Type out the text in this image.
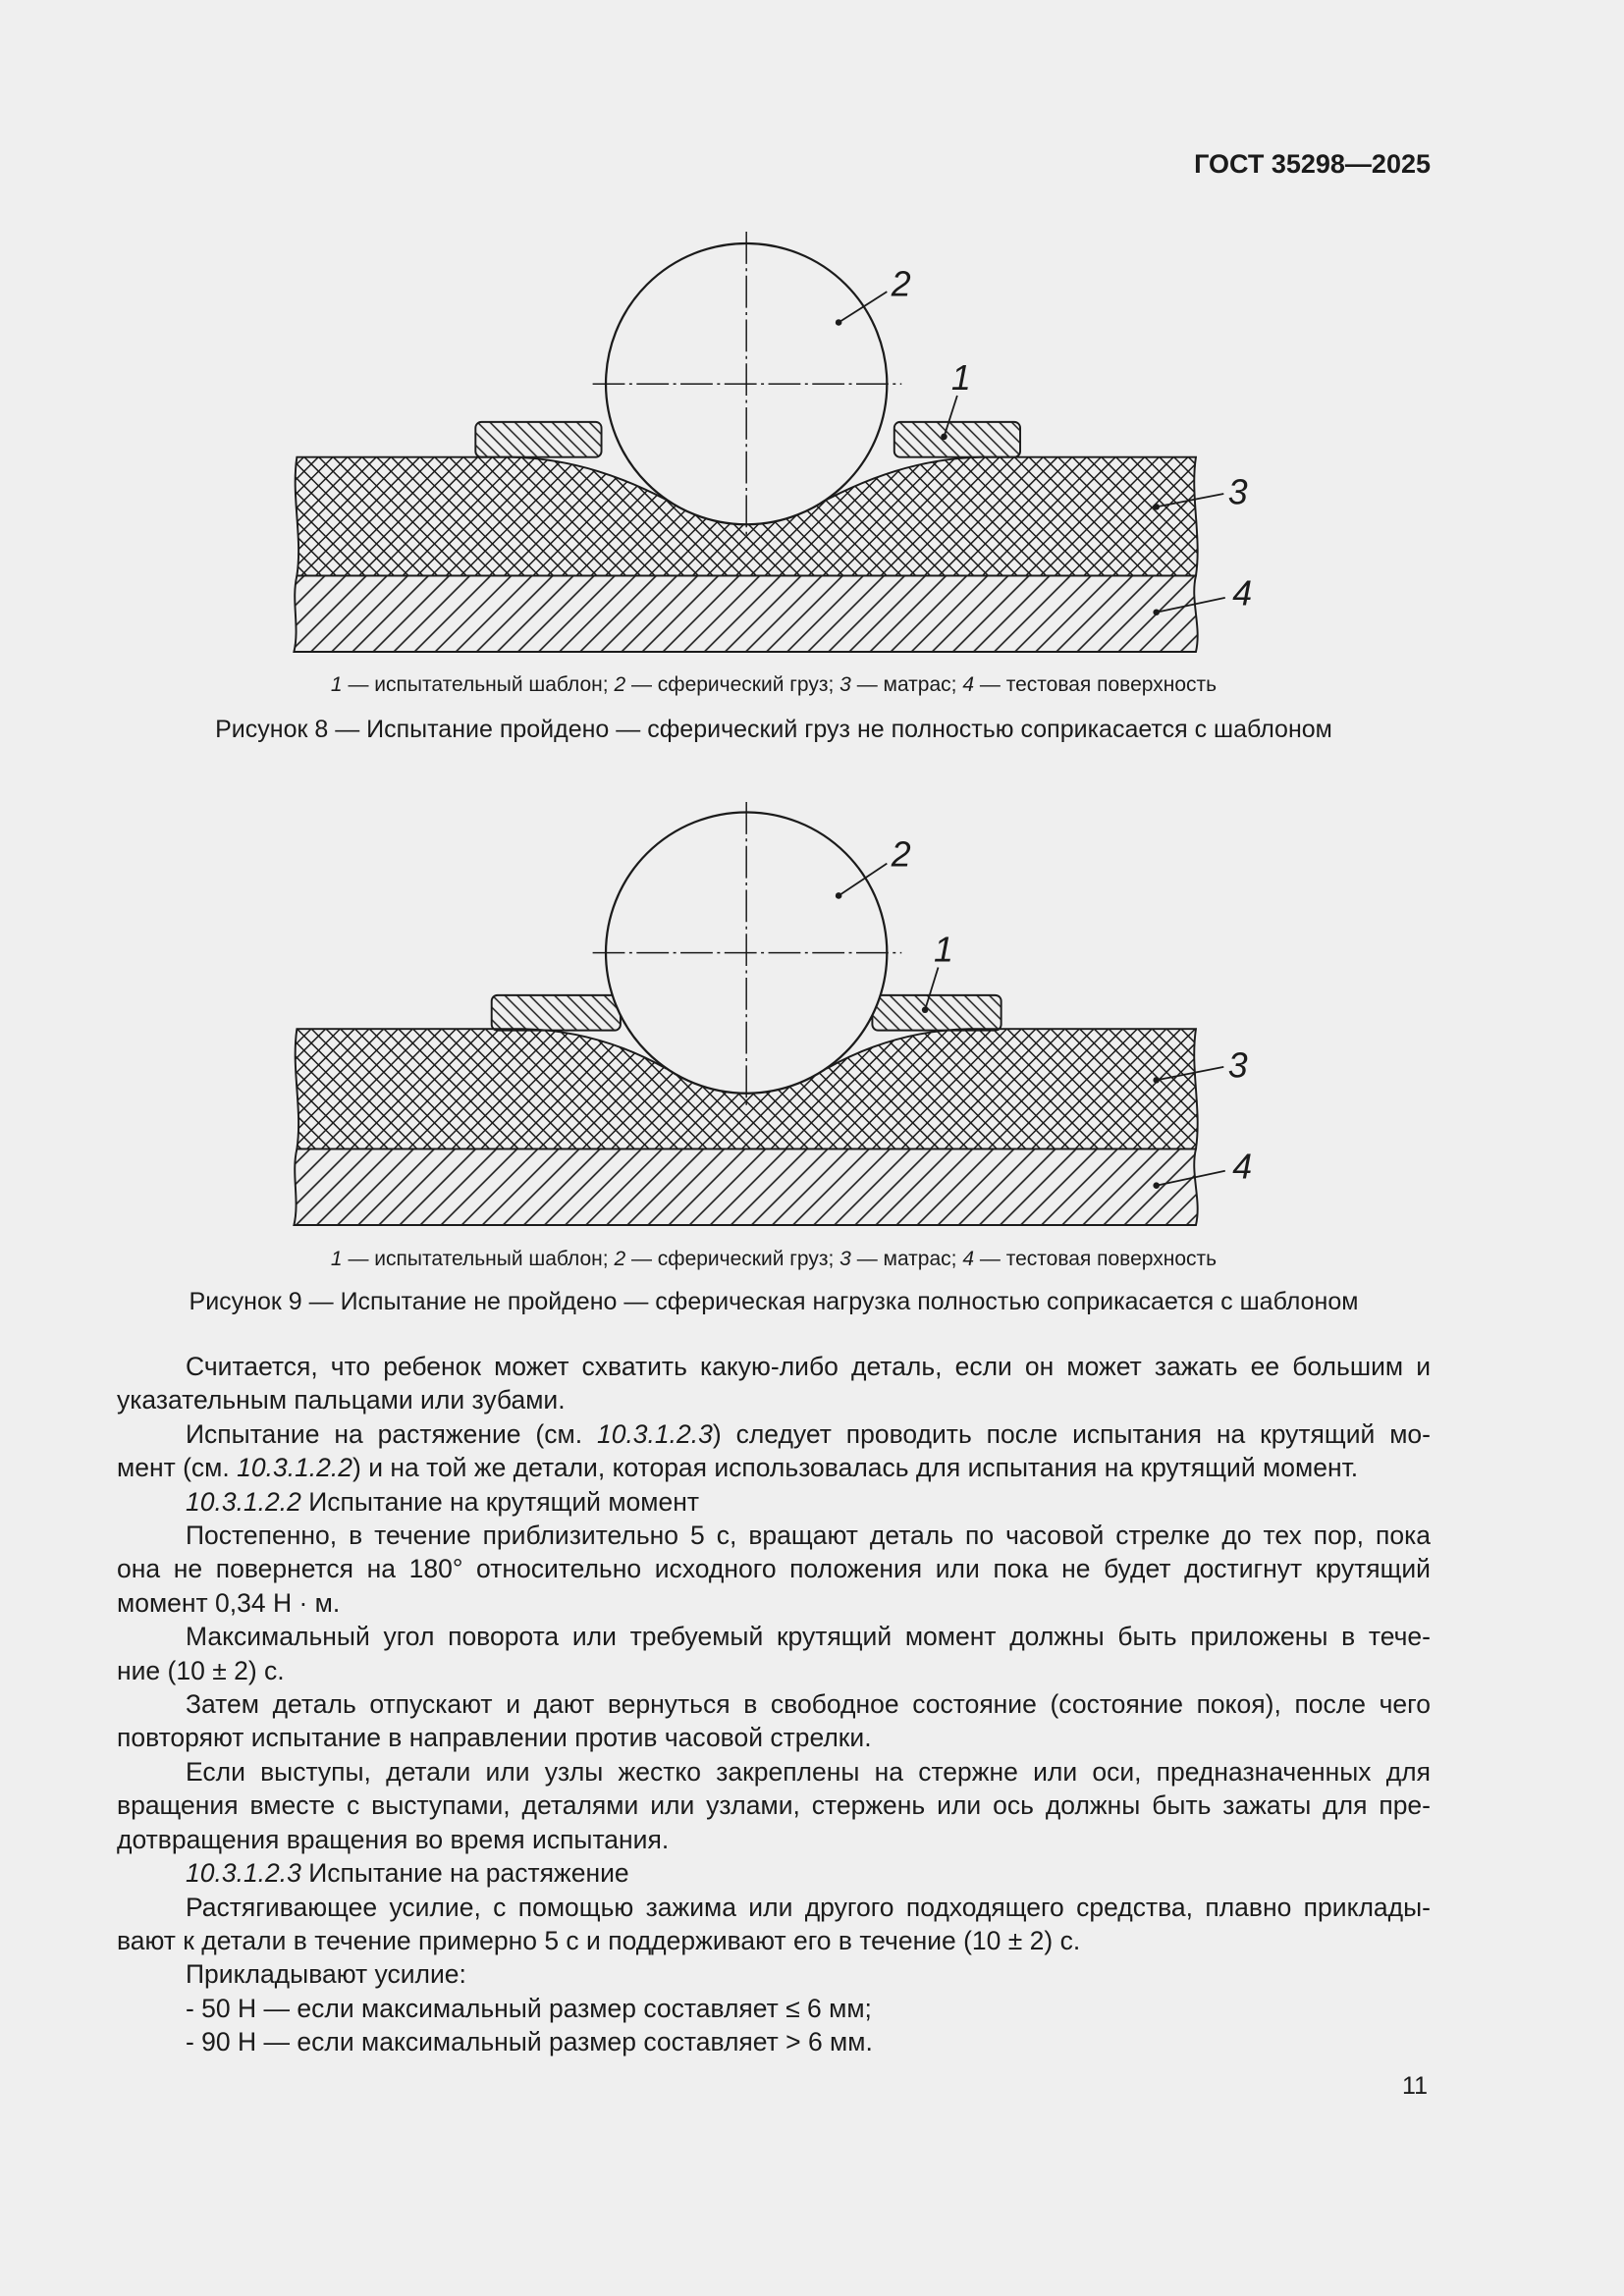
ГОСТ 35298—2025
2
1
3
4
1 — испытательный шаблон; 2 — сферический груз; 3 — матрас; 4 — тестовая поверхность
Рисунок 8 — Испытание пройдено — сферический груз не полностью соприкасается с шаблоном
2
1
3
4
1 — испытательный шаблон; 2 — сферический груз; 3 — матрас; 4 — тестовая поверхность
Рисунок 9 — Испытание не пройдено — сферическая нагрузка полностью соприкасается с шаблоном
Считается, что ребенок может схватить какую-либо деталь, если он может зажать ее большим и
указательным пальцами или зубами.
Испытание на растяжение (см. 10.3.1.2.3) следует проводить после испытания на крутящий мо-
мент (см. 10.3.1.2.2) и на той же детали, которая использовалась для испытания на крутящий момент.
10.3.1.2.2 Испытание на крутящий момент
Постепенно, в течение приблизительно 5 с, вращают деталь по часовой стрелке до тех пор, пока
она не повернется на 180° относительно исходного положения или пока не будет достигнут крутящий
момент 0,34 Н · м.
Максимальный угол поворота или требуемый крутящий момент должны быть приложены в тече-
ние (10 ± 2) с.
Затем деталь отпускают и дают вернуться в свободное состояние (состояние покоя), после чего
повторяют испытание в направлении против часовой стрелки.
Если выступы, детали или узлы жестко закреплены на стержне или оси, предназначенных для
вращения вместе с выступами, деталями или узлами, стержень или ось должны быть зажаты для пре-
дотвращения вращения во время испытания.
10.3.1.2.3 Испытание на растяжение
Растягивающее усилие, с помощью зажима или другого подходящего средства, плавно приклады-
вают к детали в течение примерно 5 с и поддерживают его в течение (10 ± 2) с.
Прикладывают усилие:
- 50 Н — если максимальный размер составляет ≤ 6 мм;
- 90 Н — если максимальный размер составляет > 6 мм.
11
